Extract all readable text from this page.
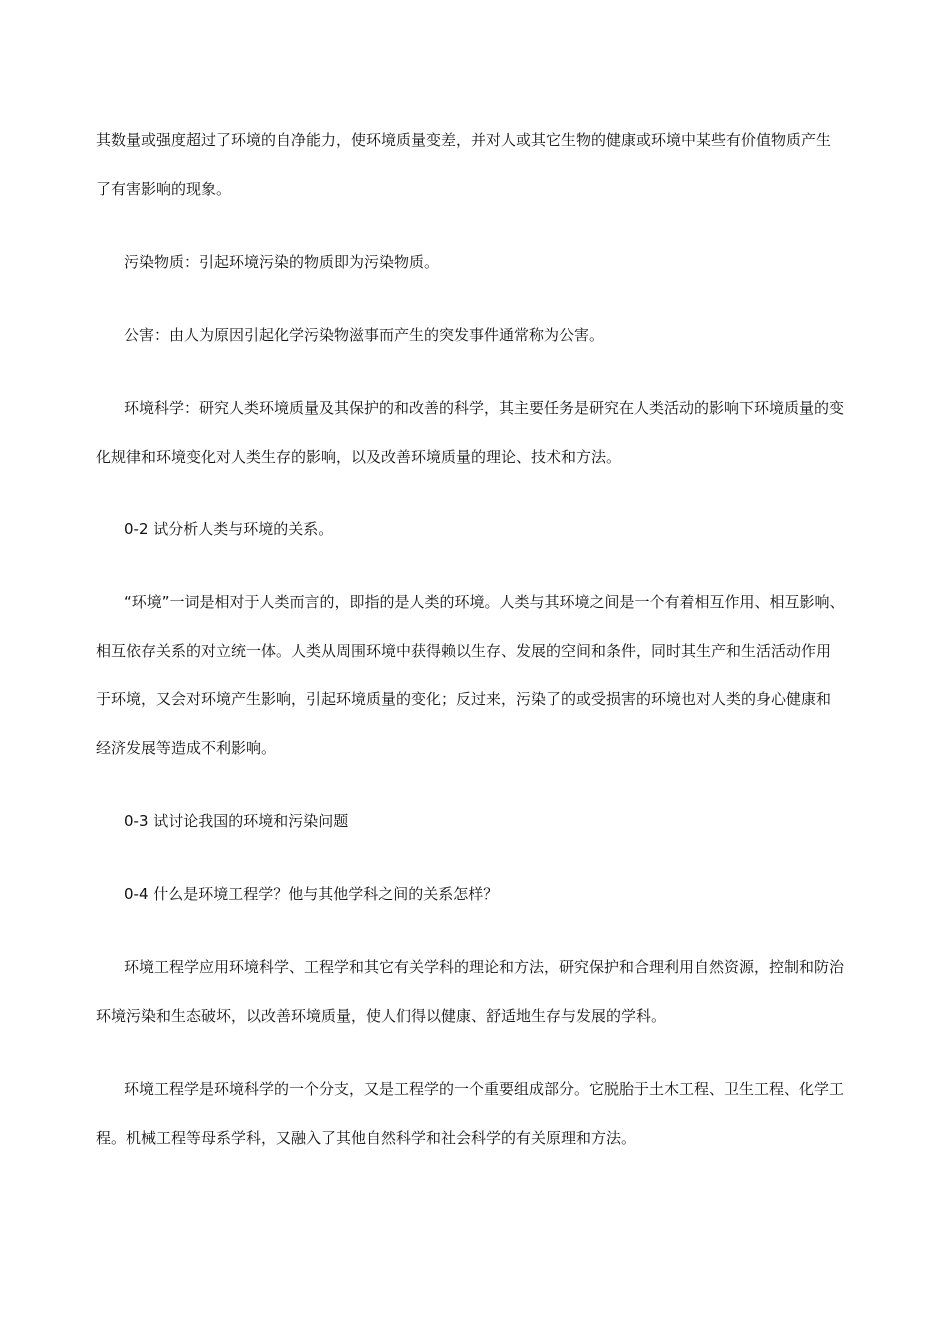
其数量或强度超过了环境的自净能力，使环境质量变差，并对人或其它生物的健康或环境中某些有价值物质产生
了有害影响的现象。
污染物质：引起环境污染的物质即为污染物质。
公害：由人为原因引起化学污染物滋事而产生的突发事件通常称为公害。
环境科学：研究人类环境质量及其保护的和改善的科学，其主要任务是研究在人类活动的影响下环境质量的变
化规律和环境变化对人类生存的影响，以及改善环境质量的理论、技术和方法。
0-2 试分析人类与环境的关系。
“环境”一词是相对于人类而言的，即指的是人类的环境。人类与其环境之间是一个有着相互作用、相互影响、
相互依存关系的对立统一体。人类从周围环境中获得赖以生存、发展的空间和条件，同时其生产和生活活动作用
于环境，又会对环境产生影响，引起环境质量的变化；反过来，污染了的或受损害的环境也对人类的身心健康和
经济发展等造成不利影响。
0-3 试讨论我国的环境和污染问题
0-4 什么是环境工程学？他与其他学科之间的关系怎样？
环境工程学应用环境科学、工程学和其它有关学科的理论和方法，研究保护和合理利用自然资源，控制和防治
环境污染和生态破坏，以改善环境质量，使人们得以健康、舒适地生存与发展的学科。
环境工程学是环境科学的一个分支，又是工程学的一个重要组成部分。它脱胎于土木工程、卫生工程、化学工
程。机械工程等母系学科，又融入了其他自然科学和社会科学的有关原理和方法。
